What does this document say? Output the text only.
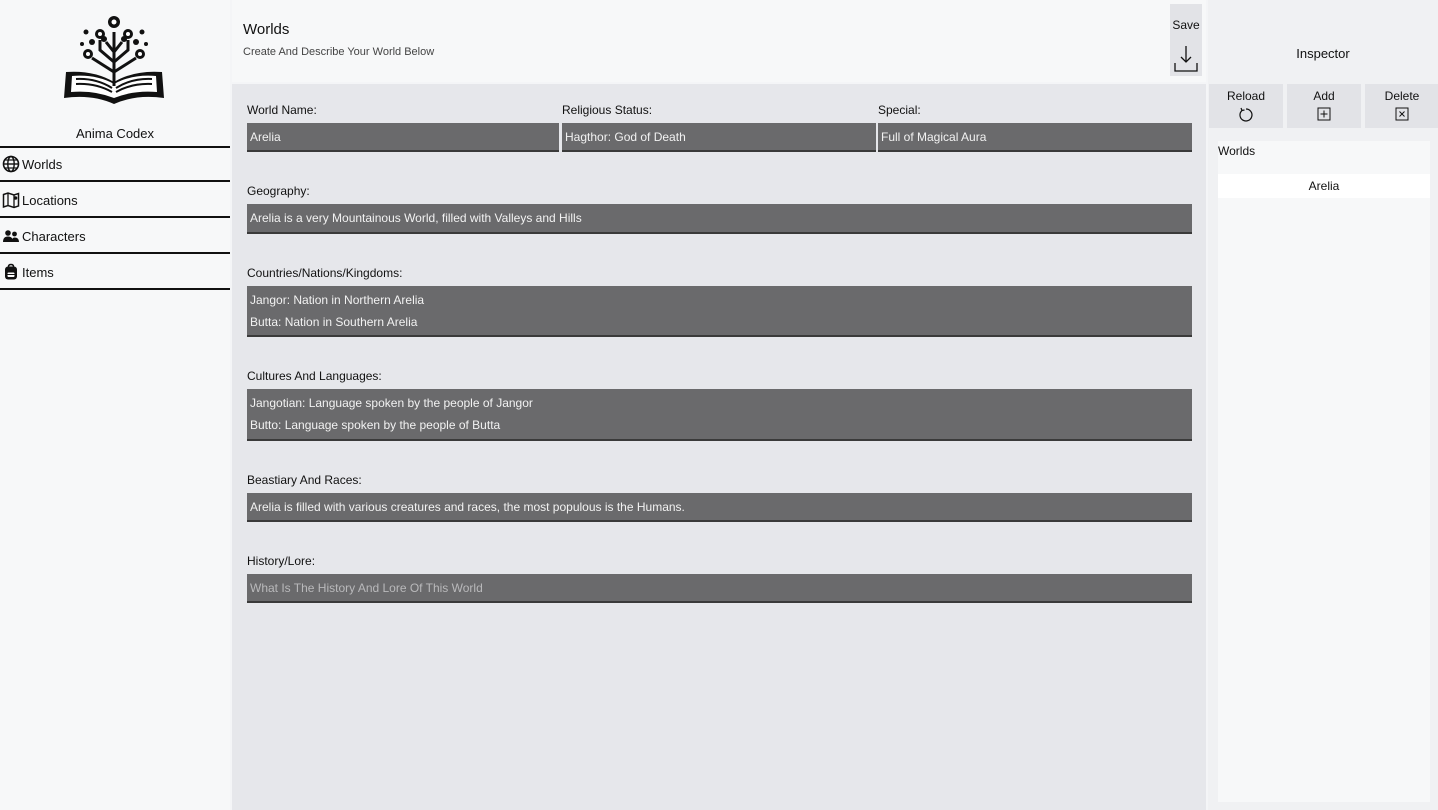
Anima Codex
Worlds
Locations
Characters
Items
Worlds
Create And Describe Your World Below
Save
World Name:
Arelia
Religious Status:
Hagthor: God of Death
Special:
Full of Magical Aura
Geography:
Arelia is a very Mountainous World, filled with Valleys and Hills
Countries/Nations/Kingdoms:
Jangor: Nation in Northern Arelia
Butta: Nation in Southern Arelia
Cultures And Languages:
Jangotian: Language spoken by the people of Jangor
Butto: Language spoken by the people of Butta
Beastiary And Races:
Arelia is filled with various creatures and races, the most populous is the Humans.
History/Lore:
What Is The History And Lore Of This World
Inspector
Reload	Add	Delete
Worlds
Arelia
